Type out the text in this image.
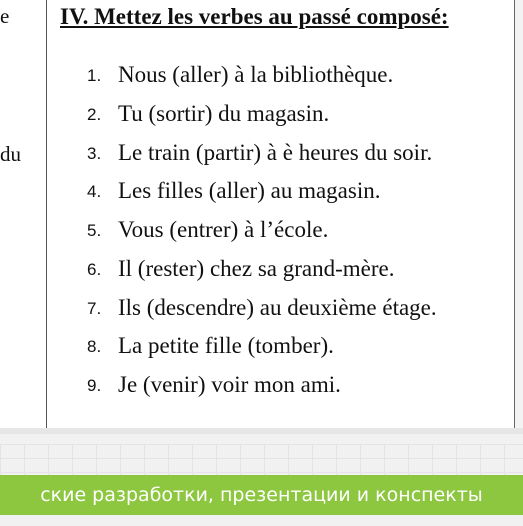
e
du
IV. Mettez les verbes au passé composé:
1. Nous (aller) à la bibliothèque.
2. Tu (sortir) du magasin.
3. Le train (partir) à è heures du soir.
4. Les filles (aller) au magasin.
5. Vous (entrer) à l’école.
6. Il (rester) chez sa grand-mère.
7. Ils (descendre) au deuxième étage.
8. La petite fille (tomber).
9. Je (venir) voir mon ami.
ские разработки, презентации и конспекты
